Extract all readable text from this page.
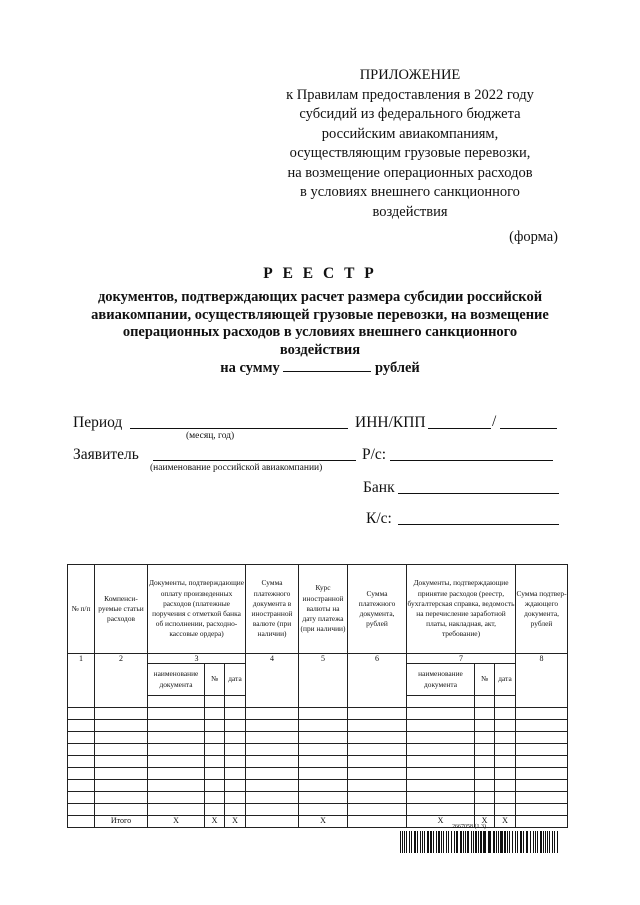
ПРИЛОЖЕНИЕ
к Правилам предоставления в 2022 году
субсидий из федерального бюджета
российским авиакомпаниям,
осуществляющим грузовые перевозки,
на возмещение операционных расходов
в условиях внешнего санкционного
воздействия
(форма)
Р Е Е С Т Р
документов, подтверждающих расчет размера субсидии российской
авиакомпании, осуществляющей грузовые перевозки, на возмещение
операционных расходов в условиях внешнего санкционного
воздействия
на сумму	рублей
Период
(месяц, год)
ИНН/КПП	/
Заявитель
(наименование российской авиакомпании)
Р/с:
Банк
К/с:
№ п/п	Компенси-руемые статьи расходов	Документы, подтверждающие оплату произведенных расходов (платежные поручения с отметкой банка об исполнении, расходно-кассовые ордера)			Сумма платежного документа в иностранной валюте (при наличии)	Курс иностранной валюты на дату платежа (при наличии)	Сумма платежного документа, рублей	Документы, подтверждающие принятие расходов (реестр, бухгалтерская справка, ведомость на перечисление заработной платы, накладная, акт, требование)			Сумма подтвер-ждающего документа, рублей
1	2	3			4	5	6	7			8
		наименование документа	№	дата				наименование документа	№	дата	

	Итого	X	X	X		X		X	X	X	
2667058 (1.3)
